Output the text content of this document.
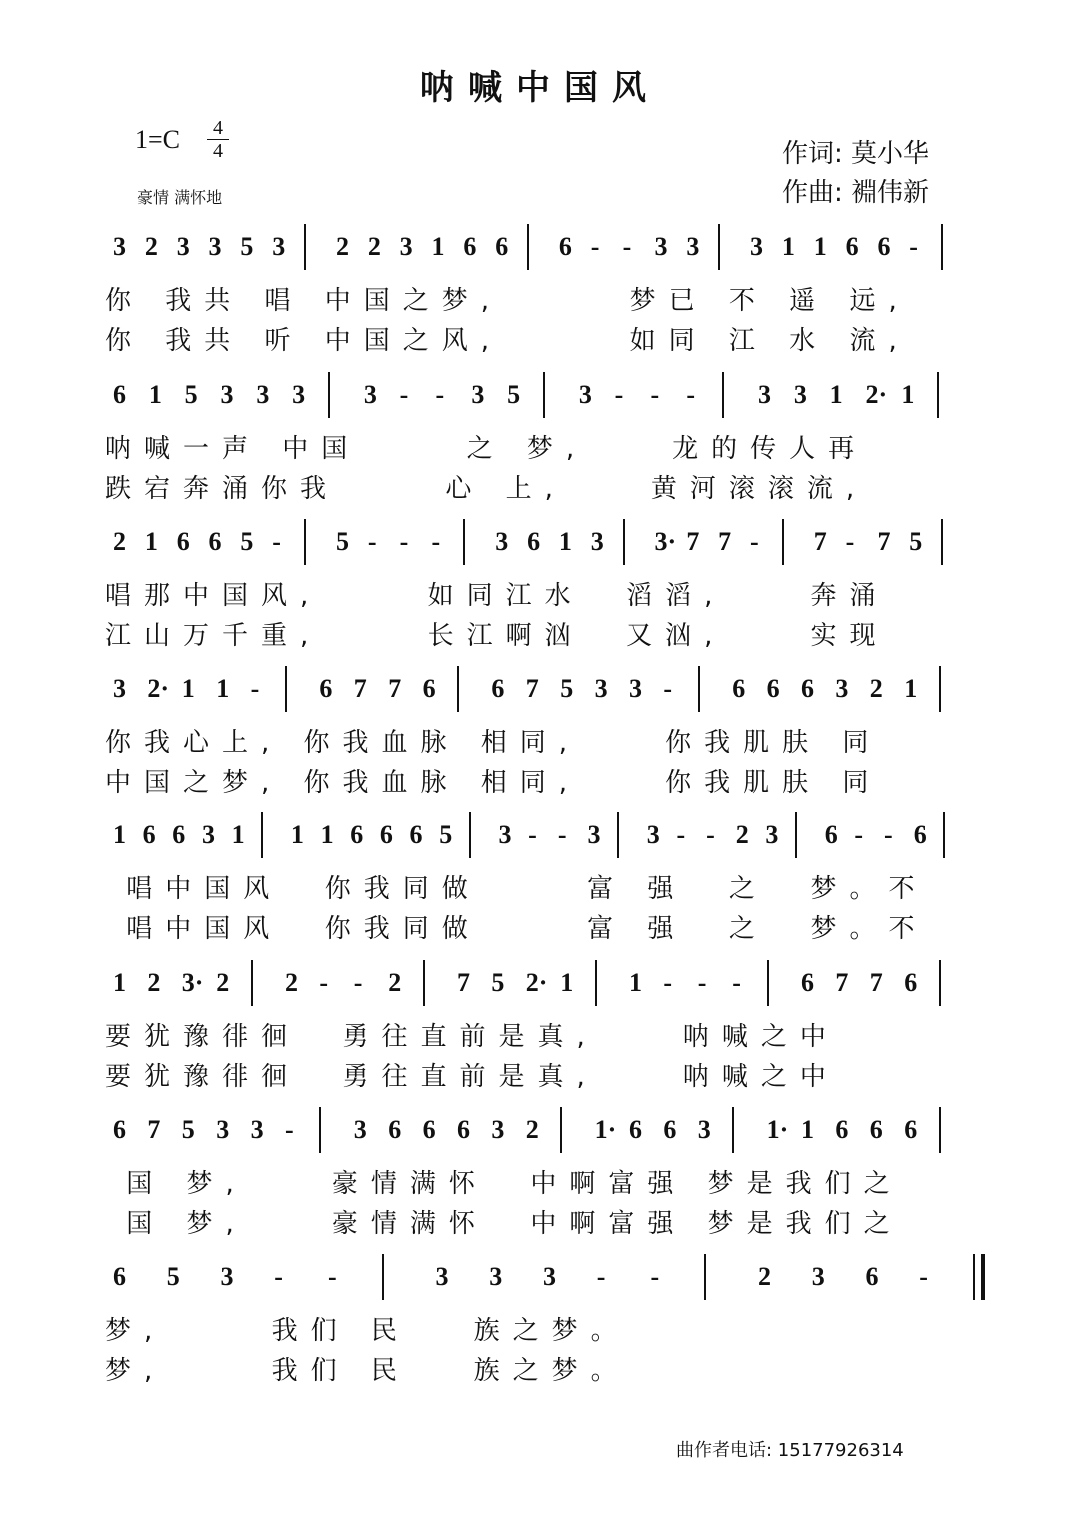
呐喊中国风
1=C	4
4
豪情 满怀地
作词: 莫小华
作曲: 裫伟新
3 2 3 3 5 3 2 2 3 1 6 6 6 - - 3 3 3 1 1 6 6 -
你 我共 唱 中国之梦,      梦已 不 遥 远,
你 我共 听 中国之风,      如同 江 水 流,
6 1 5 3 3 3 3 - - 3 5 3 - - - 3 3 1 2· 1
呐喊一声 中国     之 梦,    龙的传人再
跌宕奔涌你我     心 上,    黄河滚滚流,
2 1 6 6 5 - 5 - - - 3 6 1 3 3· 7 7 - 7 - 7 5
唱那中国风,     如同江水  滔滔,    奔涌
江山万千重,     长江啊汹  又汹,    实现
3 2· 1 1 - 6 7 7 6 6 7 5 3 3 - 6 6 6 3 2 1
你我心上, 你我血脉 相同,    你我肌肤 同
中国之梦, 你我血脉 相同,    你我肌肤 同
1 6 6 3 1 1 1 6 6 6 5 3 - - 3 3 - - 2 3 6 - - 6
唱中国风  你我同做     富 强  之  梦。不
唱中国风  你我同做     富 强  之  梦。不
1 2 3· 2 2 - - 2 7 5 2· 1 1 - - - 6 7 7 6
要犹豫徘徊  勇往直前是真,    呐喊之中
要犹豫徘徊  勇往直前是真,    呐喊之中
6 7 5 3 3 - 3 6 6 6 3 2 1· 6 6 3 1· 1 6 6 6
国 梦,    豪情满怀  中啊富强 梦是我们之
国 梦,    豪情满怀  中啊富强 梦是我们之
6 5 3 - -	3 3 3 - -	2 3 6 -
梦,     我们 民   族之梦。
梦,     我们 民   族之梦。
曲作者电话: 15177926314
